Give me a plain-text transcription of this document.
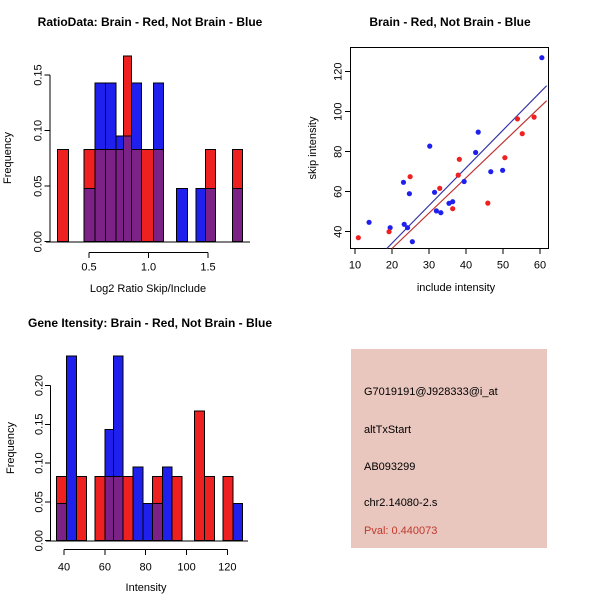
0.00
0.05
0.10
0.15
0.5	1.0	1.5	10 20 30 40 50 60
40
60
80
100
120
0.00
0.05
0.10
0.15
0.20
40	60	80 100 120
RatioData: Brain - Red, Not Brain - Blue
Log2 Ratio Skip/Include
Frequency
Brain - Red, Not Brain - Blue
include intensity
skip intensity
Gene Itensity: Brain - Red, Not Brain - Blue
Intensity
Frequency
G7019191@J928333@i_at
altTxStart
AB093299
chr2.14080-2.s
Pval: 0.440073
